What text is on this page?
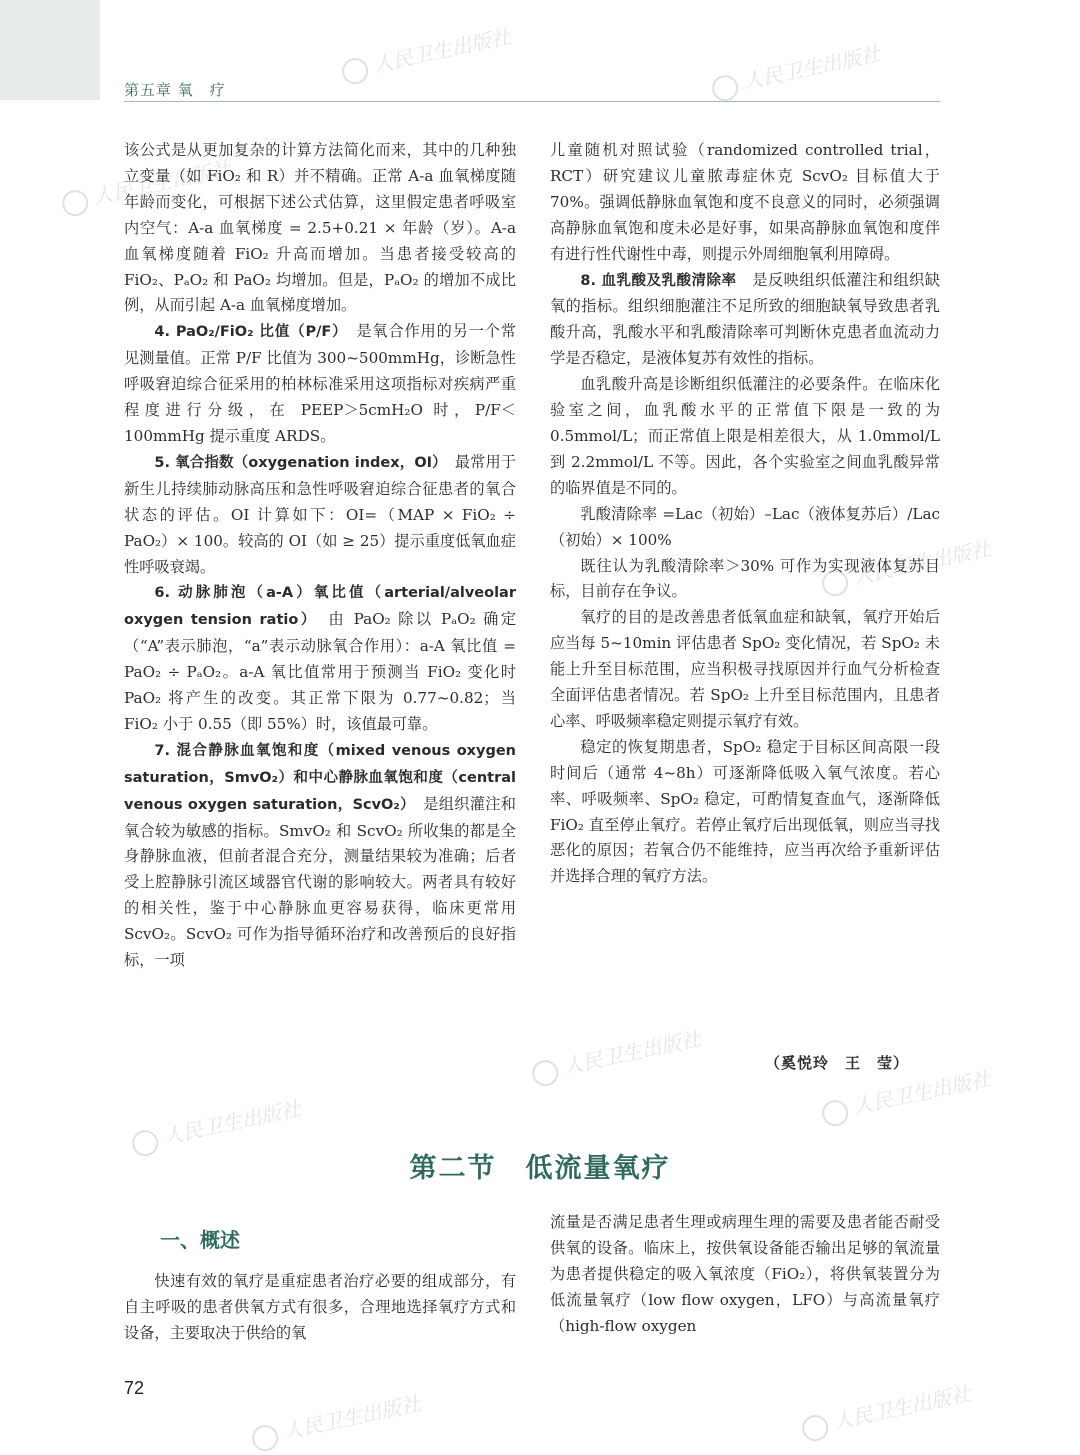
第五章 氧　疗
人民卫生出版社	人民卫生出版社
人民卫生出版社
人民卫生出版社
人民卫生出版社
人民卫生出版社
人民卫生出版社
人民卫生出版社	人民卫生出版社

该公式是从更加复杂的计算方法简化而来，其中的几种独立变量（如 FiO₂ 和 R）并不精确。正常 A-a 血氧梯度随年龄而变化，可根据下述公式估算，这里假定患者呼吸室内空气：A-a 血氧梯度 = 2.5+0.21 × 年龄（岁）。A-a 血氧梯度随着 FiO₂ 升高而增加。当患者接受较高的 FiO₂、PₐO₂ 和 PaO₂ 均增加。但是，PₐO₂ 的增加不成比例，从而引起 A-a 血氧梯度增加。

4. PaO₂/FiO₂ 比值（P/F）　 是氧合作用的另一个常见测量值。正常 P/F 比值为 300~500mmHg，诊断急性呼吸窘迫综合征采用的柏林标准采用这项指标对疾病严重程度进行分级，在 PEEP＞5cmH₂O 时，P/F＜100mmHg 提示重度 ARDS。

5. 氧合指数（oxygenation index，OI）　 最常用于新生儿持续肺动脉高压和急性呼吸窘迫综合征患者的氧合状态的评估。OI 计算如下：OI=（MAP × FiO₂ ÷ PaO₂）× 100。较高的 OI（如 ≥ 25）提示重度低氧血症性呼吸衰竭。

6. 动脉肺泡（a-A）氧比值（arterial/alveolar oxygen tension ratio）　 由 PaO₂ 除以 PₐO₂ 确定（“A”表示肺泡，“a”表示动脉氧合作用）：a-A 氧比值 = PaO₂ ÷ PₐO₂。a-A 氧比值常用于预测当 FiO₂ 变化时 PaO₂ 将产生的改变。其正常下限为 0.77~0.82；当 FiO₂ 小于 0.55（即 55%）时，该值最可靠。

7. 混合静脉血氧饱和度（mixed venous oxygen saturation，SmvO₂）和中心静脉血氧饱和度（central venous oxygen saturation，ScvO₂）　 是组织灌注和氧合较为敏感的指标。SmvO₂ 和 ScvO₂ 所收集的都是全身静脉血液，但前者混合充分，测量结果较为准确；后者受上腔静脉引流区域器官代谢的影响较大。两者具有较好的相关性，鉴于中心静脉血更容易获得，临床更常用 ScvO₂。ScvO₂ 可作为指导循环治疗和改善预后的良好指标，一项

儿童随机对照试验（randomized controlled trial，RCT）研究建议儿童脓毒症休克 ScvO₂ 目标值大于 70%。强调低静脉血氧饱和度不良意义的同时，必须强调高静脉血氧饱和度未必是好事，如果高静脉血氧饱和度伴有进行性代谢性中毒，则提示外周细胞氧利用障碍。

8. 血乳酸及乳酸清除率　 是反映组织低灌注和组织缺氧的指标。组织细胞灌注不足所致的细胞缺氧导致患者乳酸升高，乳酸水平和乳酸清除率可判断休克患者血流动力学是否稳定，是液体复苏有效性的指标。

血乳酸升高是诊断组织低灌注的必要条件。在临床化验室之间，血乳酸水平的正常值下限是一致的为 0.5mmol/L；而正常值上限是相差很大，从 1.0mmol/L 到 2.2mmol/L 不等。因此，各个实验室之间血乳酸异常的临界值是不同的。

乳酸清除率 =Lac（初始）–Lac（液体复苏后）/Lac（初始）× 100%

既往认为乳酸清除率＞30% 可作为实现液体复苏目标，目前存在争议。

氧疗的目的是改善患者低氧血症和缺氧，氧疗开始后应当每 5~10min 评估患者 SpO₂ 变化情况，若 SpO₂ 未能上升至目标范围，应当积极寻找原因并行血气分析检查全面评估患者情况。若 SpO₂ 上升至目标范围内，且患者心率、呼吸频率稳定则提示氧疗有效。

稳定的恢复期患者，SpO₂ 稳定于目标区间高限一段时间后（通常 4~8h）可逐渐降低吸入氧气浓度。若心率、呼吸频率、SpO₂ 稳定，可酌情复查血气，逐渐降低 FiO₂ 直至停止氧疗。若停止氧疗后出现低氧，则应当寻找恶化的原因；若氧合仍不能维持，应当再次给予重新评估并选择合理的氧疗方法。

（奚悦玲　王　莹）
第二节　低流量氧疗
一、概述

快速有效的氧疗是重症患者治疗必要的组成部分，有自主呼吸的患者供氧方式有很多，合理地选择氧疗方式和设备，主要取决于供给的氧

流量是否满足患者生理或病理生理的需要及患者能否耐受供氧的设备。临床上，按供氧设备能否输出足够的氧流量为患者提供稳定的吸入氧浓度（FiO₂），将供氧装置分为低流量氧疗（low flow oxygen，LFO）与高流量氧疗（high-flow oxygen

72
